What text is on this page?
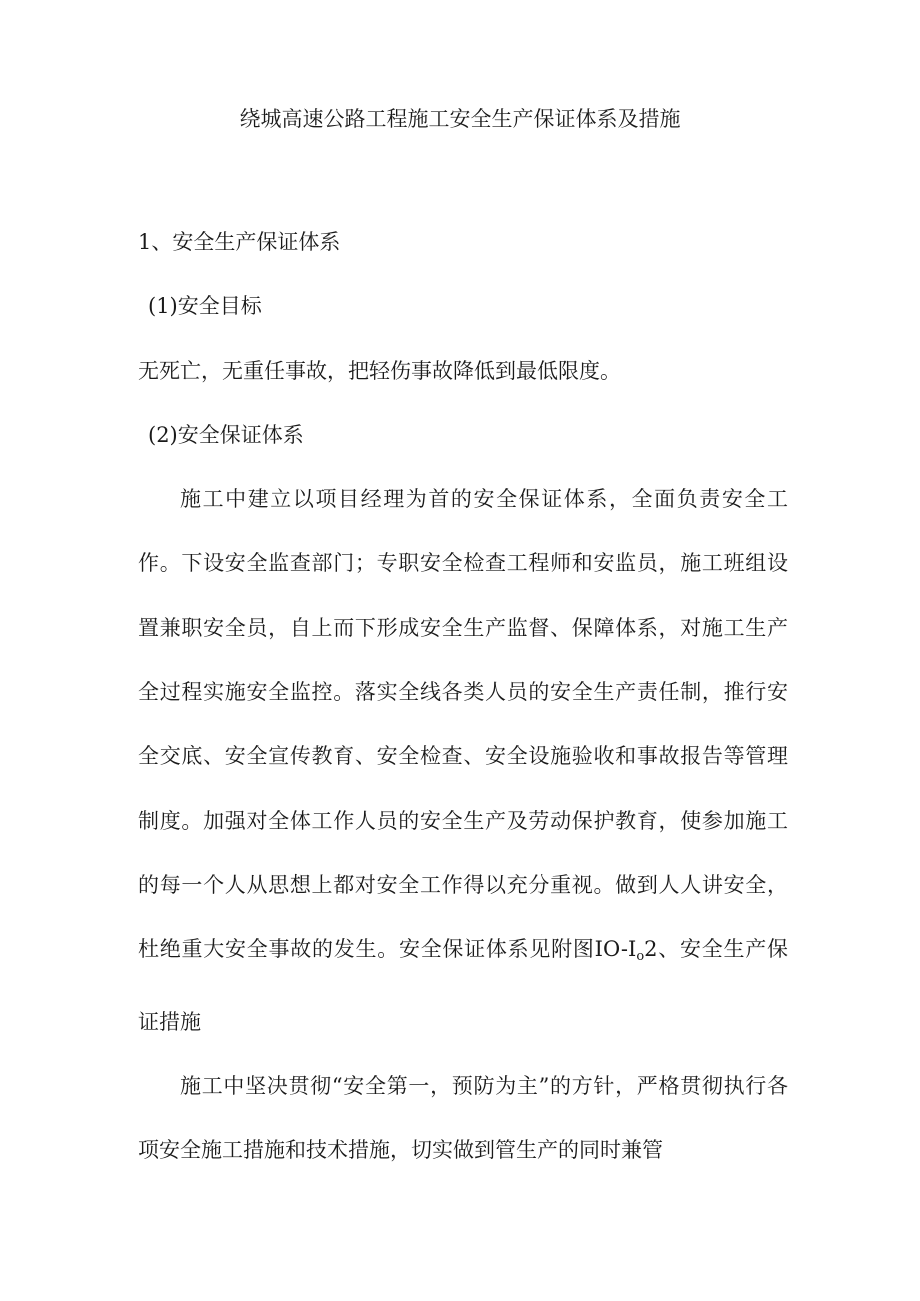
绕城高速公路工程施工安全生产保证体系及措施
1、安全生产保证体系
(1)安全目标
无死亡，无重任事故，把轻伤事故降低到最低限度。
(2)安全保证体系

施工中建立以项目经理为首的安全保证体系，全面负责安全工作。下设安全监查部门；专职安全检查工程师和安监员，施工班组设置兼职安全员，自上而下形成安全生产监督、保障体系，对施工生产全过程实施安全监控。落实全线各类人员的安全生产责任制，推行安全交底、安全宣传教育、安全检查、安全设施验收和事故报告等管理制度。加强对全体工作人员的安全生产及劳动保护教育，使参加施工的每一个人从思想上都对安全工作得以充分重视。做到人人讲安全，杜绝重大安全事故的发生。安全保证体系见附图$IO-I_o2$、安全生产保证措施

施工中坚决贯彻“安全第一，预防为主”的方针，严格贯彻执行各项安全施工措施和技术措施，切实做到管生产的同时兼管
